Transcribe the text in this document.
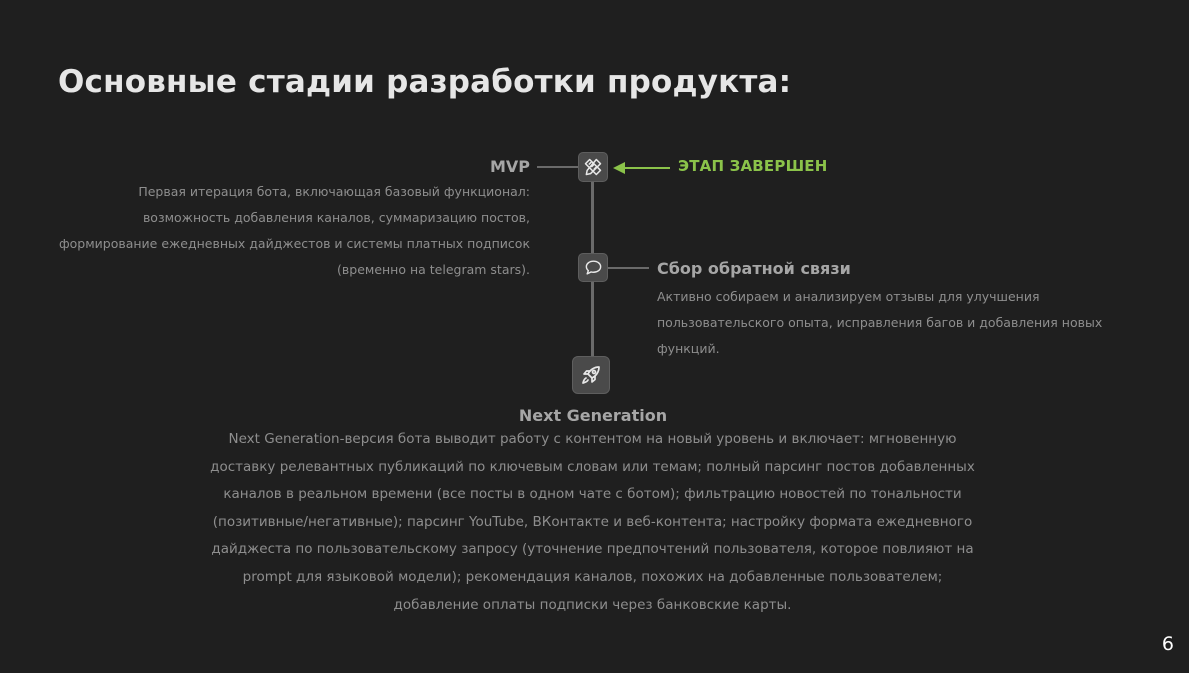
Основные стадии разработки продукта:
MVP	ЭТАП ЗАВЕРШЕН
Первая итерация бота, включающая базовый функционал:
возможность добавления каналов, суммаризацию постов,
формирование ежедневных дайджестов и системы платных подписок
(временно на telegram stars).	Сбор обратной связи
Активно собираем и анализируем отзывы для улучшения
пользовательского опыта, исправления багов и добавления новых
функций.
Next Generation
Next Generation-версия бота выводит работу с контентом на новый уровень и включает: мгновенную
доставку релевантных публикаций по ключевым словам или темам; полный парсинг постов добавленных
каналов в реальном времени (все посты в одном чате с ботом); фильтрацию новостей по тональности
(позитивные/негативные); парсинг YouTube, ВКонтакте и веб-контента; настройку формата ежедневного
дайджеста по пользовательскому запросу (уточнение предпочтений пользователя, которое повлияют на
prompt для языковой модели); рекомендация каналов, похожих на добавленные пользователем;
добавление оплаты подписки через банковские карты.
6
